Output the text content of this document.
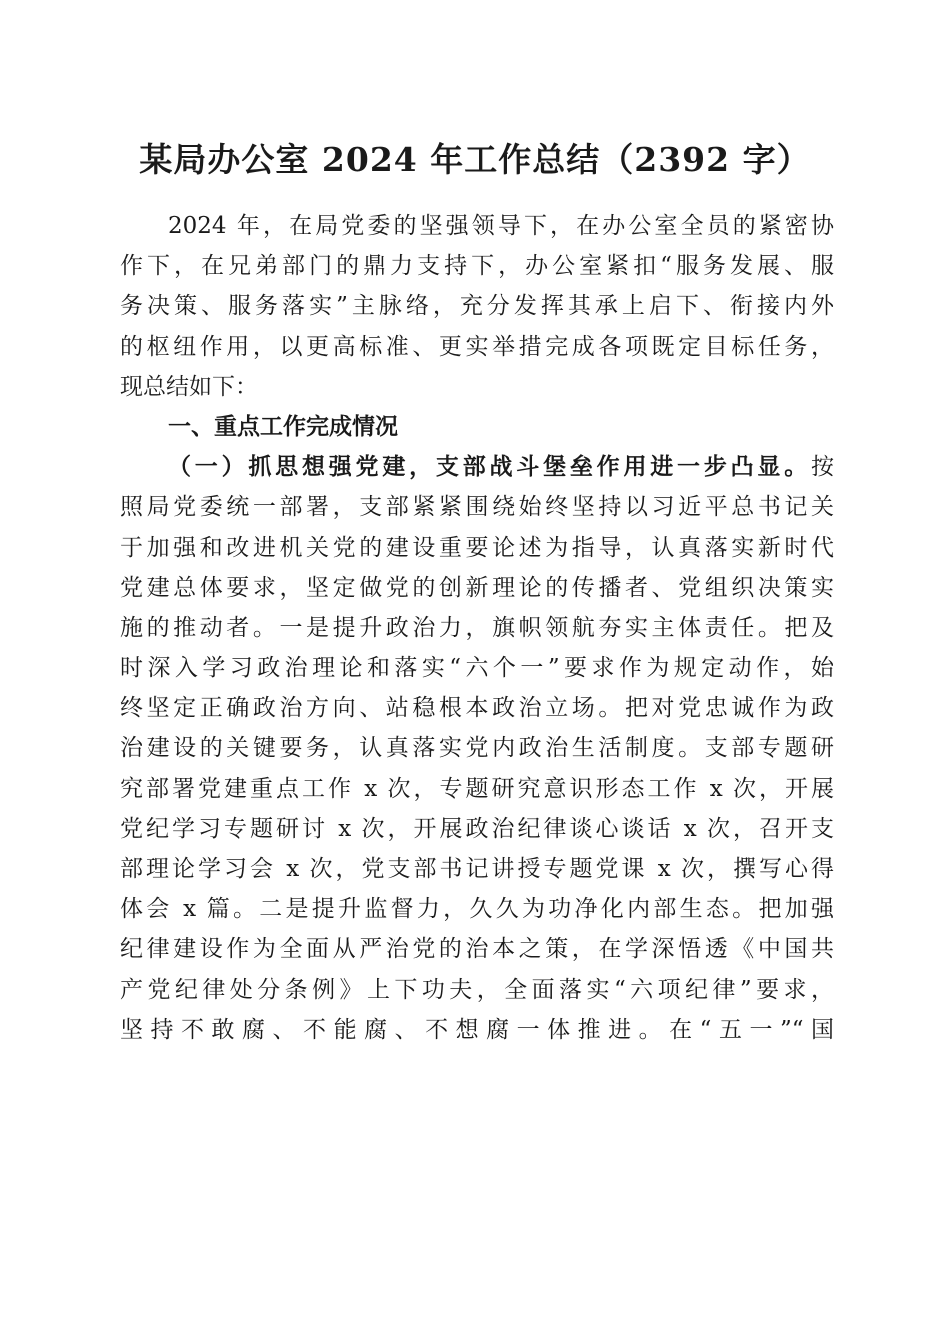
某局办公室 2024 年工作总结（2392 字）
2024 年，在局党委的坚强领导下，在办公室全员的紧密协
作下，在兄弟部门的鼎力支持下，办公室紧扣“服务发展、服
务决策、服务落实”主脉络，充分发挥其承上启下、衔接内外
的枢纽作用，以更高标准、更实举措完成各项既定目标任务，
现总结如下：
一、重点工作完成情况
（一）抓思想强党建，支部战斗堡垒作用进一步凸显。按
照局党委统一部署，支部紧紧围绕始终坚持以习近平总书记关
于加强和改进机关党的建设重要论述为指导，认真落实新时代
党建总体要求，坚定做党的创新理论的传播者、党组织决策实
施的推动者。一是提升政治力，旗帜领航夯实主体责任。把及
时深入学习政治理论和落实“六个一”要求作为规定动作，始
终坚定正确政治方向、站稳根本政治立场。把对党忠诚作为政
治建设的关键要务，认真落实党内政治生活制度。支部专题研
究部署党建重点工作 x 次，专题研究意识形态工作 x 次，开展
党纪学习专题研讨 x 次，开展政治纪律谈心谈话 x 次，召开支
部理论学习会 x 次，党支部书记讲授专题党课 x 次，撰写心得
体会 x 篇。二是提升监督力，久久为功净化内部生态。把加强
纪律建设作为全面从严治党的治本之策，在学深悟透《中国共
产党纪律处分条例》上下功夫，全面落实“六项纪律”要求，
坚持不敢腐、不能腐、不想腐一体推进。在“五一”“国
